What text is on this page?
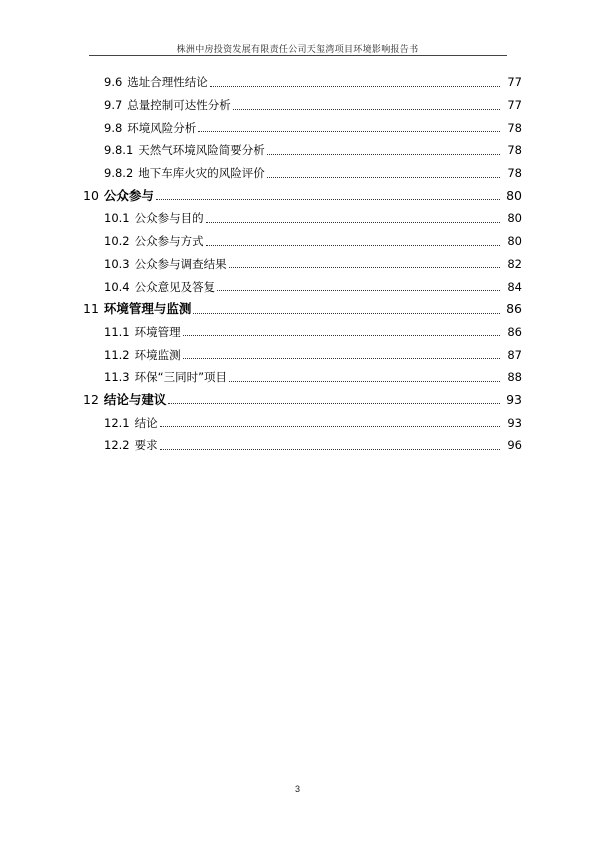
株洲中房投资发展有限责任公司天玺湾项目环境影响报告书
9.6 选址合理性结论	77
9.7 总量控制可达性分析	77
9.8 环境风险分析	78
9.8.1 天然气环境风险简要分析	78
9.8.2 地下车库火灾的风险评价	78
10 公众参与	80
10.1 公众参与目的	80
10.2 公众参与方式	80
10.3 公众参与调查结果	82
10.4 公众意见及答复	84
11 环境管理与监测	86
11.1 环境管理	86
11.2 环境监测	87
11.3 环保“三同时”项目	88
12 结论与建议	93
12.1 结论	93
12.2 要求	96
3
